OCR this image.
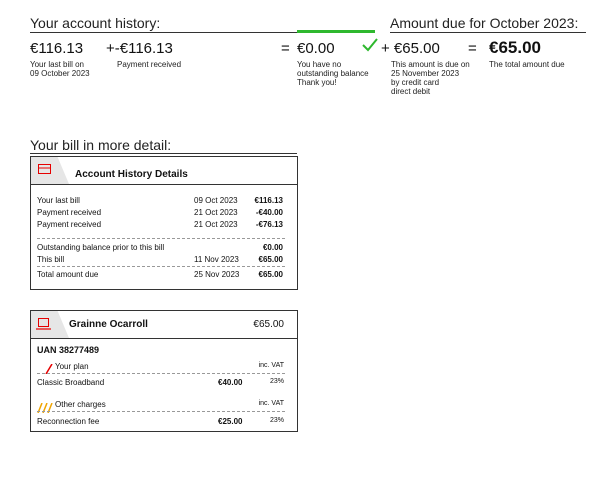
Your account history:	Amount due for October 2023:
€116.13
Your last bill on
09 October 2023
+-€116.13
Payment received
= €0.00
You have no
outstanding balance
Thank you!
+ €65.00
This amount is due on
25 November 2023
by credit card
direct debit
= €65.00
The total amount due
Your bill in more detail:
Account History Details
Your last bill	09 Oct 2023 €116.13
Payment received	21 Oct 2023 -€40.00
Payment received	21 Oct 2023 -€76.13
Outstanding balance prior to this bill	€0.00
This bill	11 Nov 2023 €65.00
Total amount due	25 Nov 2023 €65.00
Grainne Ocarroll	€65.00
UAN 38277489
Your plan	inc. VAT
Classic Broadband	€40.00	23%
Other charges	inc. VAT
Reconnection fee	€25.00	23%
